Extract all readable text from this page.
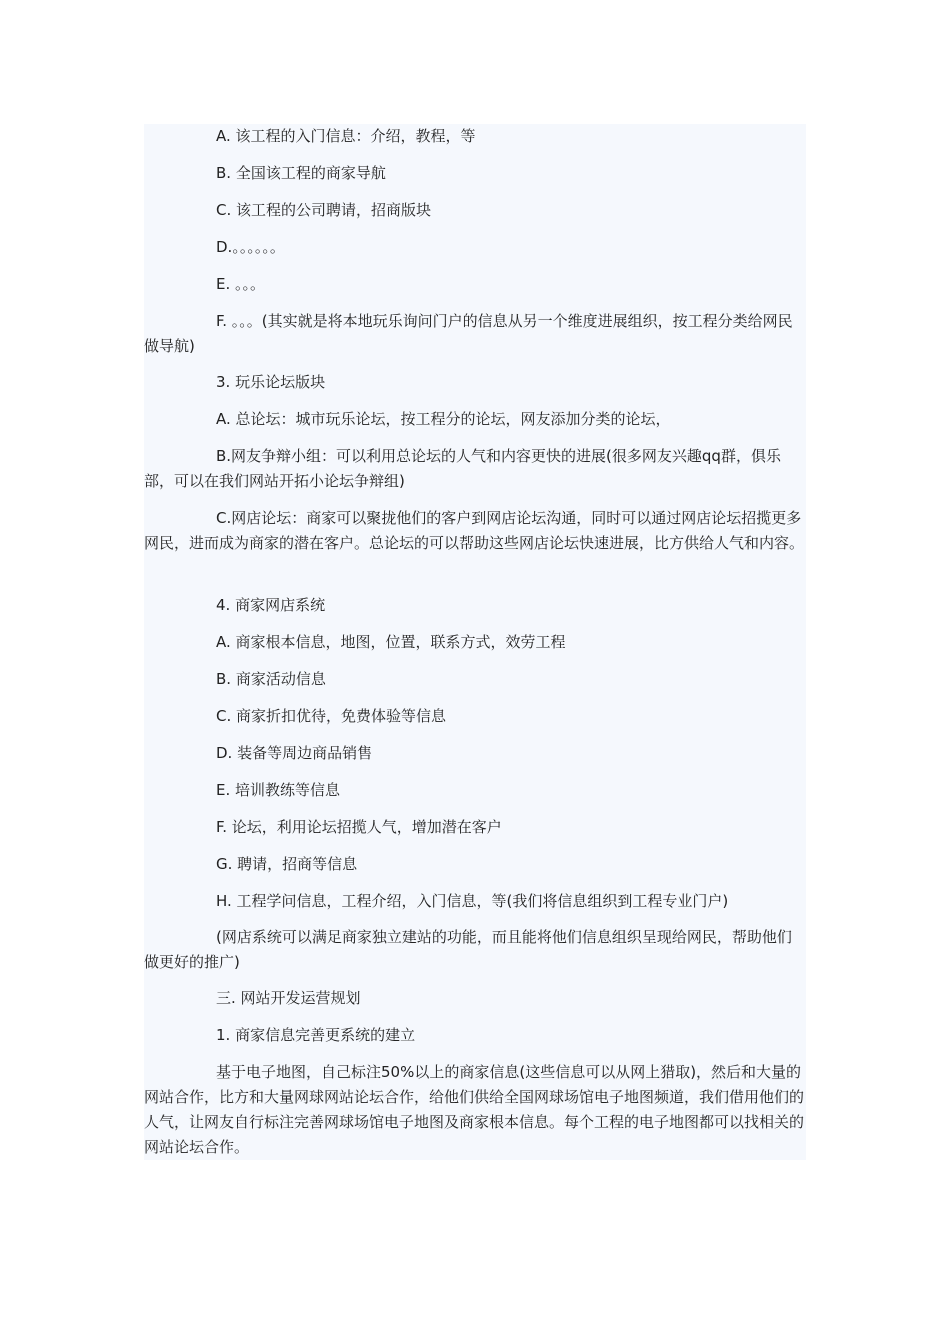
A. 该工程的入门信息：介绍，教程，等

B. 全国该工程的商家导航

C. 该工程的公司聘请，招商版块

D.。。。。。。

E. 。。。

F. 。。。(其实就是将本地玩乐询问门户的信息从另一个维度进展组织，按工程分类给网民做导航)

3. 玩乐论坛版块

A. 总论坛：城市玩乐论坛，按工程分的论坛，网友添加分类的论坛，

B.网友争辩小组：可以利用总论坛的人气和内容更快的进展(很多网友兴趣qq群，俱乐部，可以在我们网站开拓小论坛争辩组)

C.网店论坛：商家可以聚拢他们的客户到网店论坛沟通，同时可以通过网店论坛招揽更多网民，进而成为商家的潜在客户。总论坛的可以帮助这些网店论坛快速进展，比方供给人气和内容。

4. 商家网店系统

A. 商家根本信息，地图，位置，联系方式，效劳工程

B. 商家活动信息

C. 商家折扣优待，免费体验等信息

D. 装备等周边商品销售

E. 培训教练等信息

F. 论坛，利用论坛招揽人气，增加潜在客户

G. 聘请，招商等信息

H. 工程学问信息，工程介绍，入门信息，等(我们将信息组织到工程专业门户)

(网店系统可以满足商家独立建站的功能，而且能将他们信息组织呈现给网民，帮助他们做更好的推广)

三. 网站开发运营规划

1. 商家信息完善更系统的建立

基于电子地图，自己标注50%以上的商家信息(这些信息可以从网上猎取)，然后和大量的网站合作，比方和大量网球网站论坛合作，给他们供给全国网球场馆电子地图频道，我们借用他们的人气，让网友自行标注完善网球场馆电子地图及商家根本信息。每个工程的电子地图都可以找相关的网站论坛合作。
